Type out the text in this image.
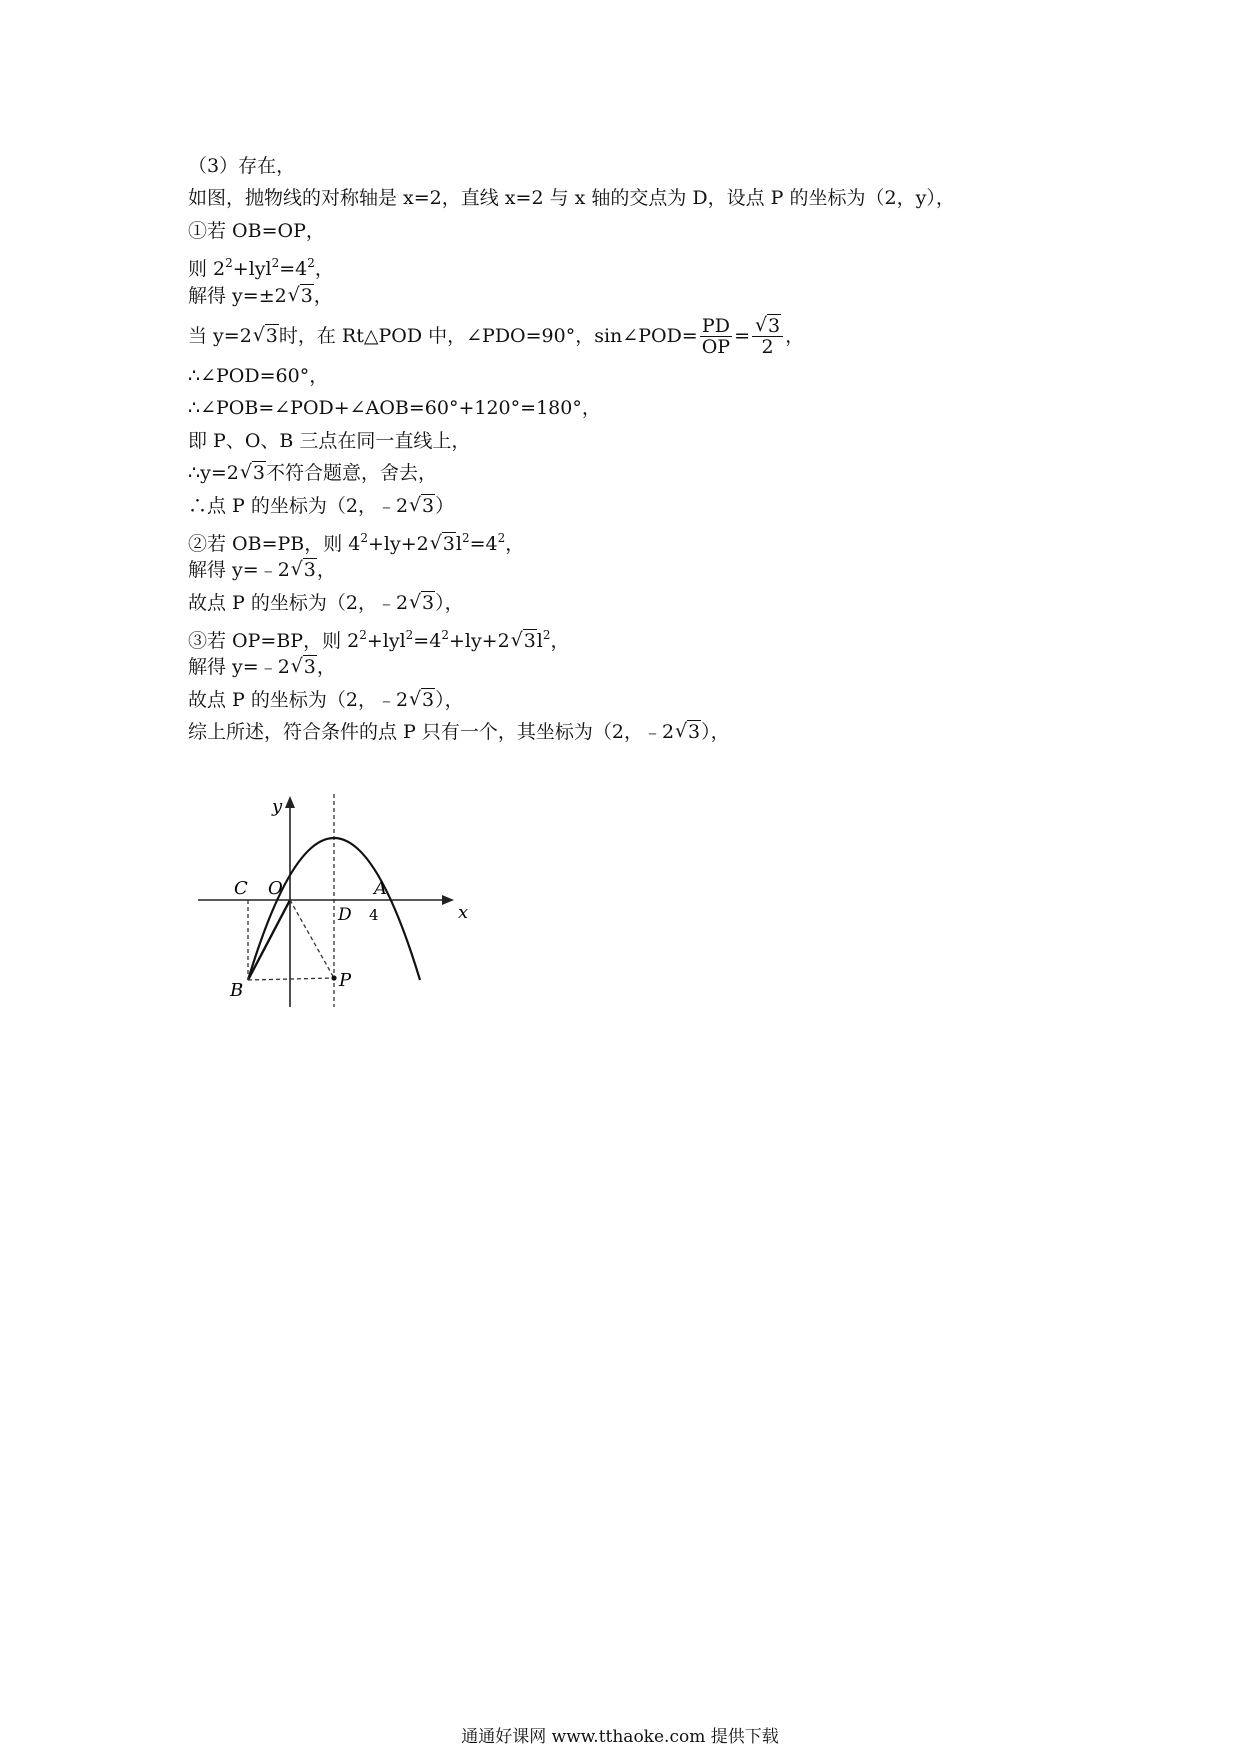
（3）存在，
如图，抛物线的对称轴是 x=2，直线 x=2 与 x 轴的交点为 D，设点 P 的坐标为（2，y），
①若 OB=OP，
则 $2^2+lyl^2=4^2$，
解得 y=±2√ 3，
当 y=2√ 3时，在 Rt△POD 中，∠PDO=90°，sin∠POD= $\frac{PD}{OP}$ =
√ $\frac{3}{2}$ ，
∴∠POD=60°，
∴∠POB=∠POD+∠AOB=60°+120°=180°，
即 P、O、B 三点在同一直线上，
∴y=2√ 3不符合题意，舍去，
∴点 P 的坐标为（2，﹣2√ 3）
②若 OB=PB，则 $4^2+ly+2√$ $3l^2=4^2$，
解得 y=﹣2√ 3，
故点 P 的坐标为（2，﹣2√ 3），
③若 OP=BP，则 $2^2+lyl^2=4^2+ly+2√$ $3l^2$，
解得 y=﹣2√ 3，
故点 P 的坐标为（2，﹣2√ 3），
综上所述，符合条件的点 P 只有一个，其坐标为（2，﹣2√ 3），
y
x
C O	A
D 4
B	P
通通好课网 www.tthaoke.com 提供下载
